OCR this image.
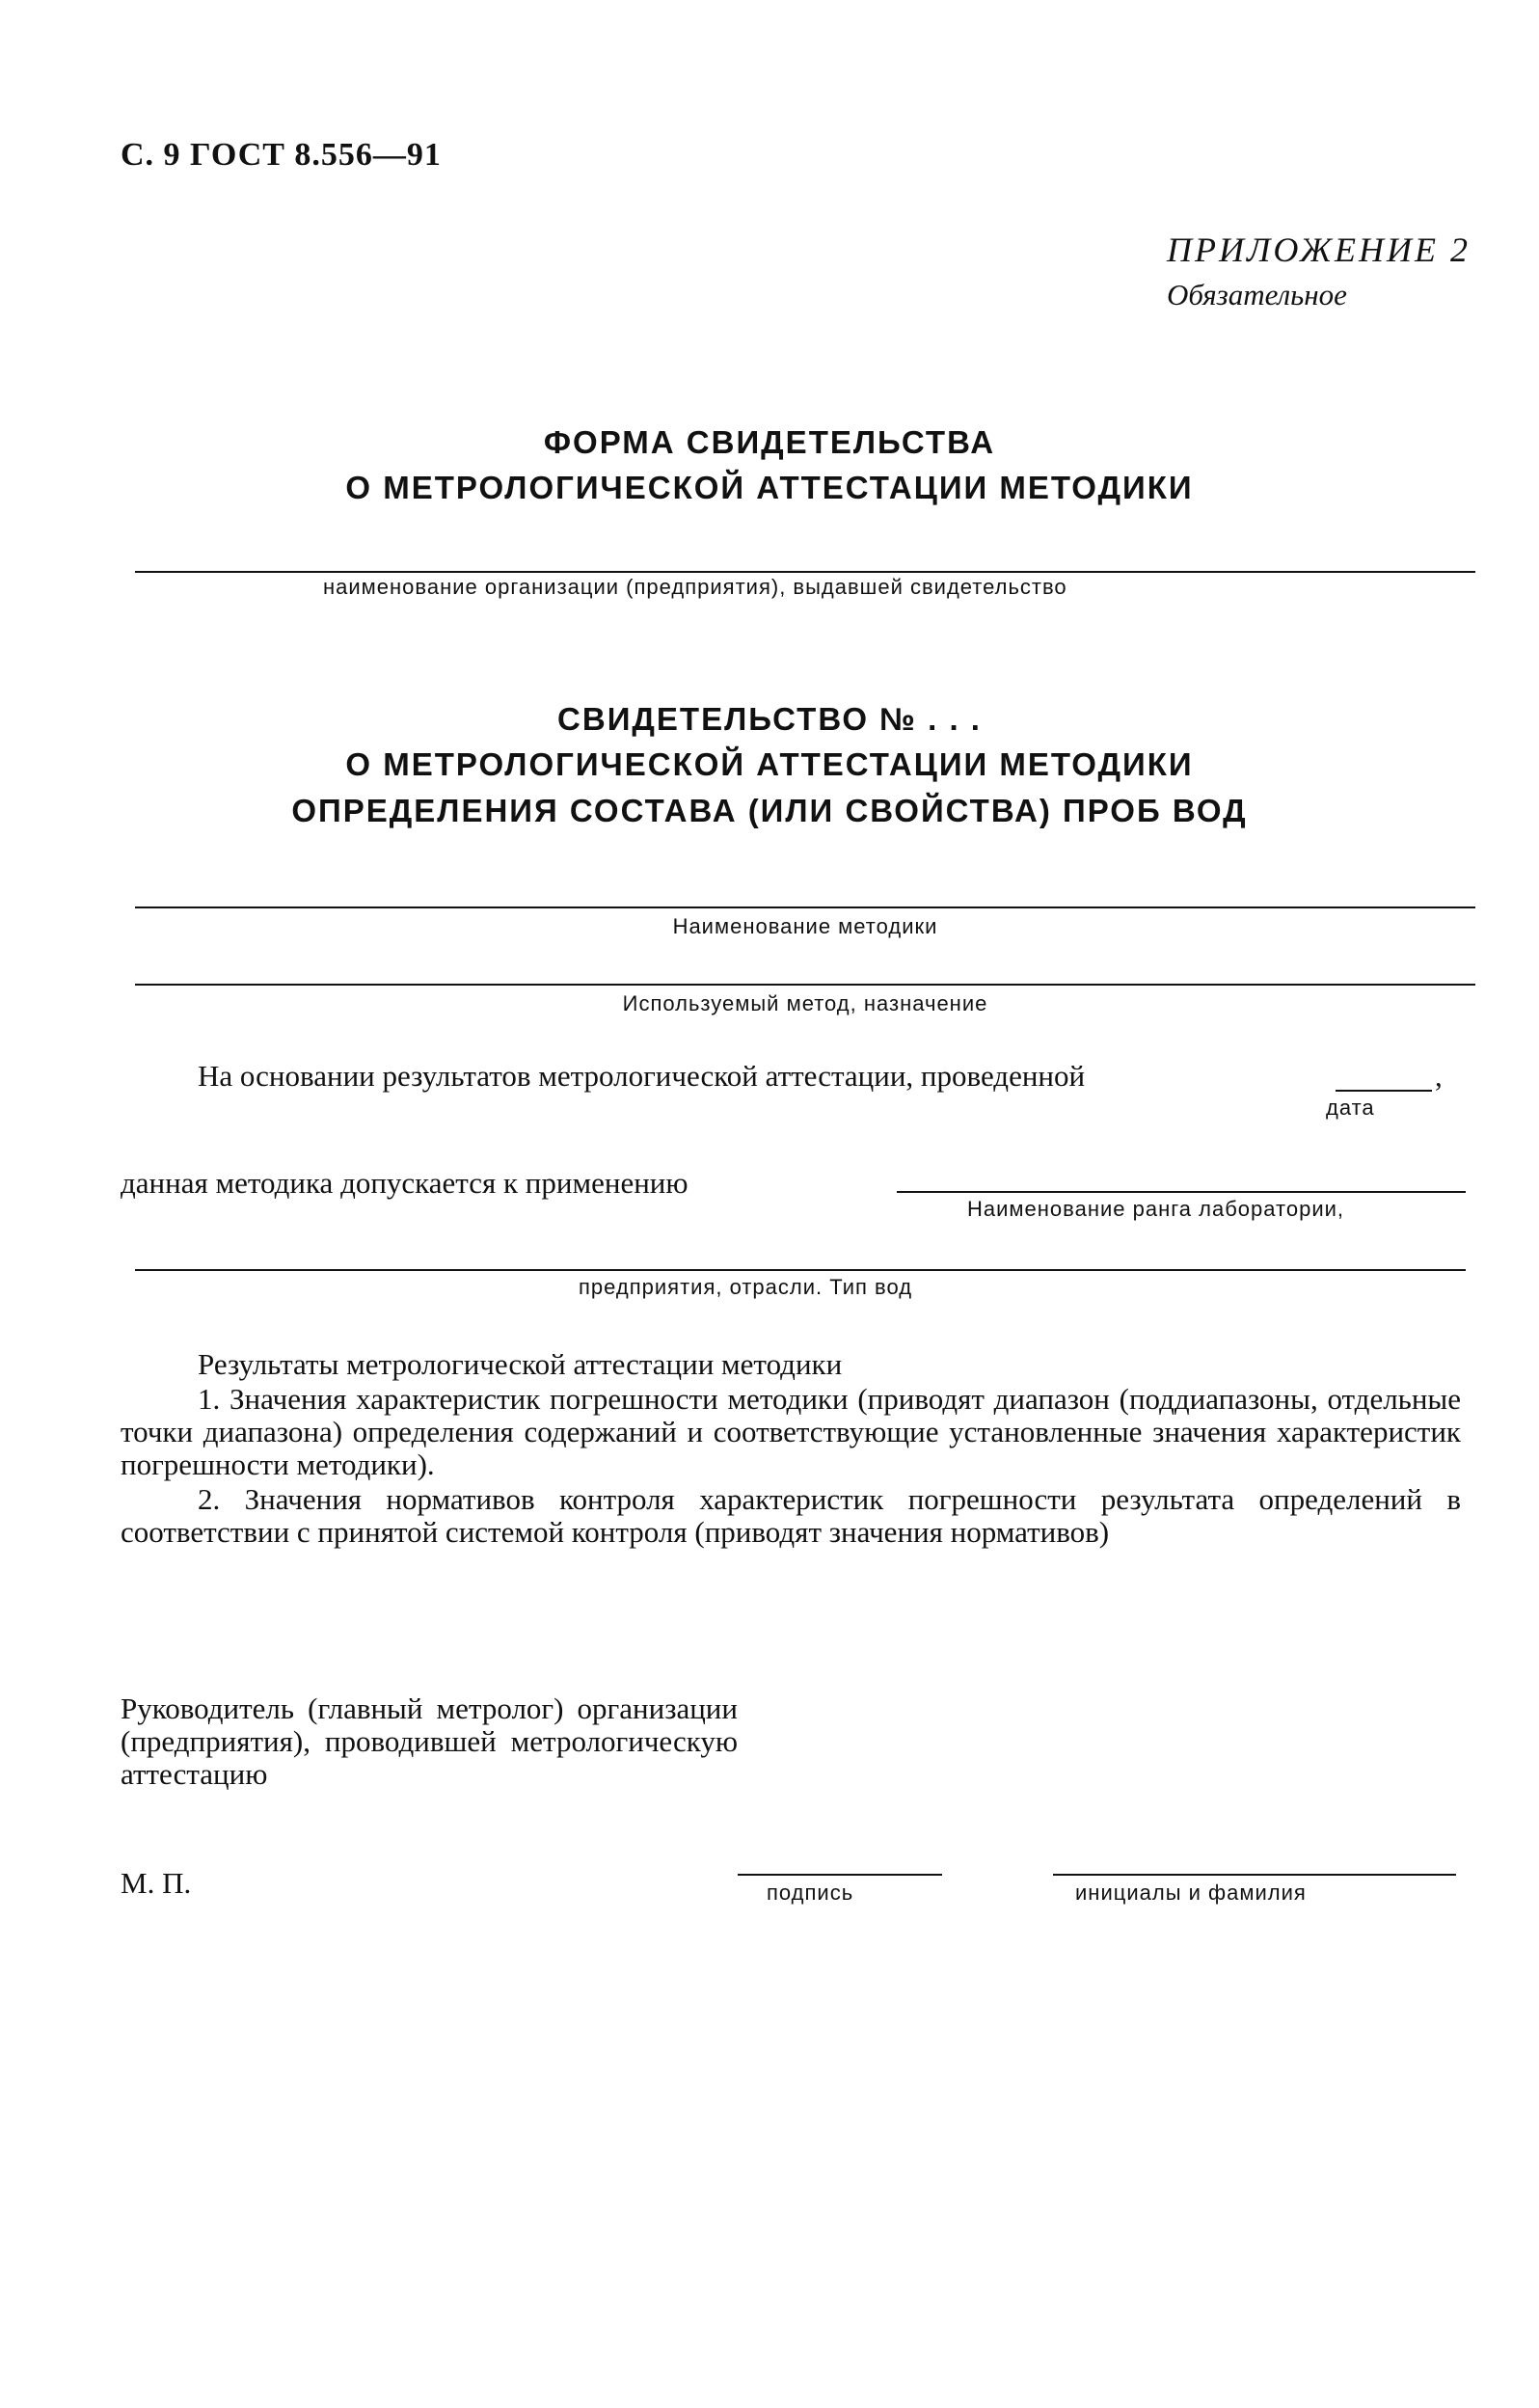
С. 9 ГОСТ 8.556—91

ПРИЛОЖЕНИЕ 2

Обязательное

ФОРМА СВИДЕТЕЛЬСТВА

О МЕТРОЛОГИЧЕСКОЙ АТТЕСТАЦИИ МЕТОДИКИ

наименование организации (предприятия), выдавшей свидетельство

СВИДЕТЕЛЬСТВО № . . .

О МЕТРОЛОГИЧЕСКОЙ АТТЕСТАЦИИ МЕТОДИКИ

ОПРЕДЕЛЕНИЯ СОСТАВА (ИЛИ СВОЙСТВА) ПРОБ ВОД

Наименование методики

Используемый метод, назначение

На основании результатов метрологической аттестации, проведенной	,

дата

данная методика допускается к применению

Наименование ранга лаборатории,

предприятия, отрасли. Тип вод

Результаты метрологической аттестации методики

1. Значения характеристик погрешности методики (приводят диапазон (поддиапазоны, отдельные точки диапазона) определения содержаний и соответствующие установленные значения характеристик погрешности методики).

2. Значения нормативов контроля характеристик погрешности результата определений в соответствии с принятой системой контроля (приводят значения нормативов)

Руководитель (главный метролог) организации (предприятия), проводившей метрологическую аттестацию

М. П.	подпись	инициалы и фамилия
